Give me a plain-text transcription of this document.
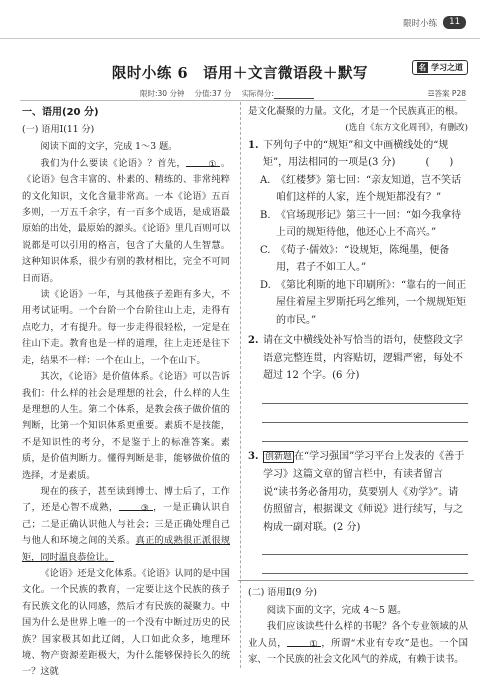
限时小练	11
限时小练 6　语用＋文言微语段＋默写	名 学习之道
限时:30 分钟 分值:37 分 实际得分:	☲答案 P28
一、语用(20 分)
(一) 语用Ⅰ(11 分)
阅读下面的文字，完成 1～3 题。
我们为什么要读《论语》？首先， ① 。《论语》包含丰富的、朴素的、精练的、非常纯粹的文化知识，文化含量非常高。一本《论语》五百多则，一万五千余字，有一百多个成语，是成语最原始的出处，最原始的源头。《论语》里几百则可以说都是可以引用的格言，包含了大量的人生智慧。这种知识体系，很少有别的教材相比，完全不可同日而语。
读《论语》一年，与其他孩子差距有多大，不用考试证明。一个台阶一个台阶往山上走，走得有点吃力，才有提升。每一步走得很轻松，一定是在往山下走。教育也是一样的道理，往上走还是往下走，结果不一样：一个在山上，一个在山下。
其次，《论语》是价值体系。《论语》可以告诉我们：什么样的社会是理想的社会，什么样的人生是理想的人生。第二个体系，是教会孩子做价值的判断，比第一个知识体系更重要。素质不是技能，不是知识性的考分，不是鉴于上的标准答案。素质，是价值判断力。懂得判断是非，能够做价值的选择，才是素质。
现在的孩子，甚至读到博士、博士后了，工作了，还是心智不成熟， ③ ，一是正确认识自己；二是正确认识他人与社会；三是正确处理自己与他人和环境之间的关系。真正的成熟很正派很规矩，同时温良恭俭让。
《论语》还是文化体系。《论语》认同的是中国文化。一个民族的教育，一定要让这个民族的孩子有民族文化的认同感，然后才有民族的凝聚力。中国为什么是世界上唯一的一个没有中断过历史的民族？国家极其如此辽阔，人口如此众多，地理环境、物产资源差距极大，为什么能够保持长久的统一？这就
是文化凝聚的力量。文化，才是一个民族真正的根。
(选自《东方文化周刊》，有删改)
1. 下列句子中的“规矩”和文中画横线处的“规矩”，用法相同的一项是(3 分)　　　(　　)
A. 《红楼梦》第七回：“亲友知道，岂不笑话咱们这样的人家，连个规矩都没有？”
B. 《官场现形记》第三十一回：“如今我拿待上司的规矩待他，他还心上不高兴。”
C. 《荀子·儒效》：“设规矩，陈绳墨，便备用，君子不如工人。”
D. 《第比利斯的地下印刷所》：“靠右的一间正屋住着屋主罗斯托玛乞维列，一个规规矩矩的市民。”
2. 请在文中横线处补写恰当的语句，使整段文字语意完整连贯，内容贴切，逻辑严密，每处不超过 12 个字。(6 分)
3. 创新题 在“学习强国”学习平台上发表的《善于学习》这篇文章的留言栏中，有读者留言说“读书务必备用功，莫要别人《劝学》”。请仿照留言，根据课文《师说》进行续写，与之构成一副对联。(2 分)
(二) 语用Ⅱ(9 分)
阅读下面的文字，完成 4～5 题。
我们应该读些什么样的书呢？各个专业领域的从业人员， ① ，所谓“术业有专攻”是也。一个国家、一个民族的社会文化风气的养成，有赖于读书。
